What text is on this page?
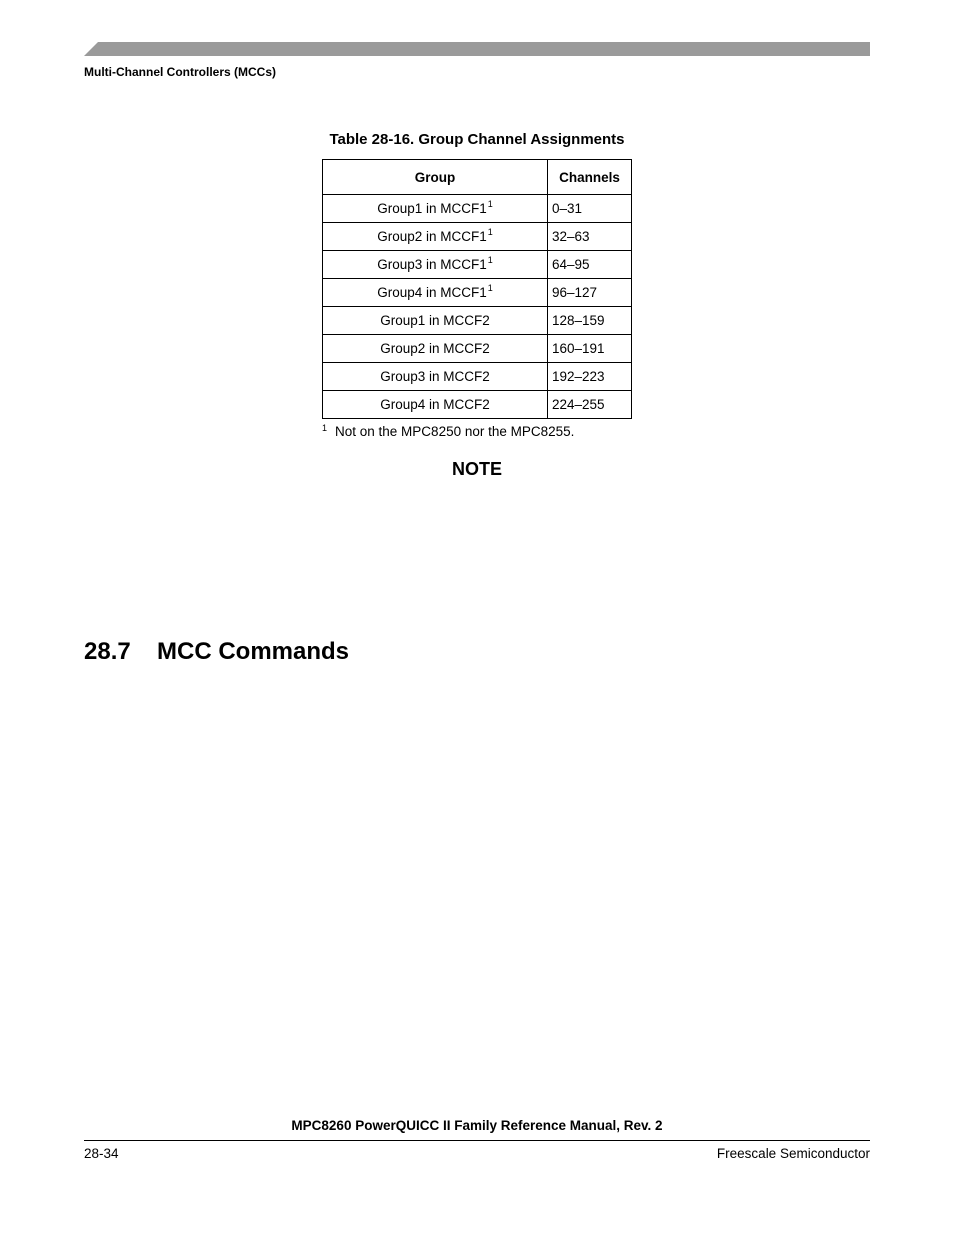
Multi-Channel Controllers (MCCs)
Table 28-16. Group Channel Assignments
Group	Channels
Group1 in $MCCF1^1$	0–31
Group2 in $MCCF1^1$	32–63
Group3 in $MCCF1^1$	64–95
Group4 in $MCCF1^1$	96–127
Group1 in MCCF2	128–159
Group2 in MCCF2	160–191
Group3 in MCCF2	192–223
Group4 in MCCF2	224–255
$^1$ Not on the MPC8250 nor the MPC8255.
NOTE
28.7 MCC Commands
MPC8260 PowerQUICC II Family Reference Manual, Rev. 2
28-34	Freescale Semiconductor
